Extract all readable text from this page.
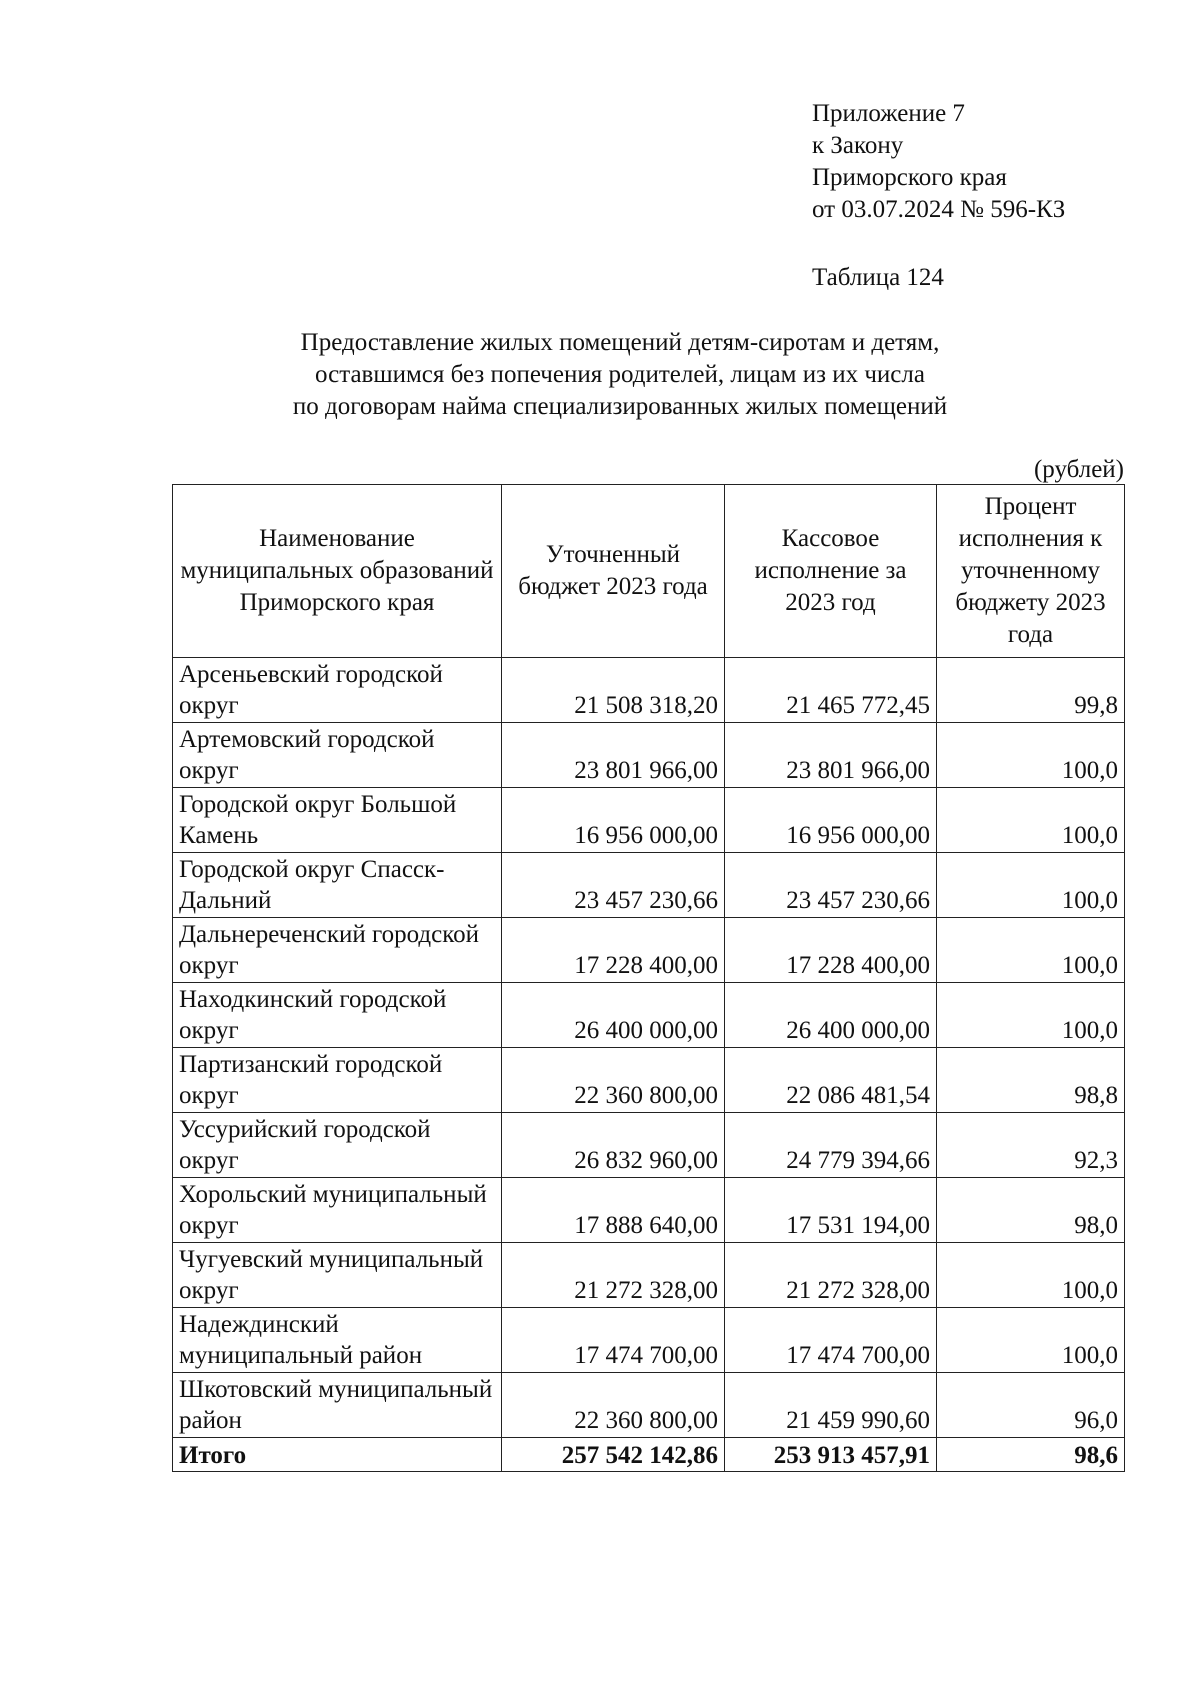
Приложение 7
к Закону
Приморского края
от 03.07.2024 № 596-КЗ
Таблица 124
Предоставление жилых помещений детям-сиротам и детям,
оставшимся без попечения родителей, лицам из их числа
по договорам найма специализированных жилых помещений
(рублей)
Наименование муниципальных образований Приморского края	Уточненный бюджет 2023 года	Кассовое исполнение за 2023 год	Процент исполнения к уточненному бюджету 2023 года
Арсеньевский городской округ	21 508 318,20	21 465 772,45	99,8
Артемовский городской округ	23 801 966,00	23 801 966,00	100,0
Городской округ Большой Камень	16 956 000,00	16 956 000,00	100,0
Городской округ Спасск-Дальний	23 457 230,66	23 457 230,66	100,0
Дальнереченский городской округ	17 228 400,00	17 228 400,00	100,0
Находкинский городской округ	26 400 000,00	26 400 000,00	100,0
Партизанский городской округ	22 360 800,00	22 086 481,54	98,8
Уссурийский городской округ	26 832 960,00	24 779 394,66	92,3
Хорольский муниципальный округ	17 888 640,00	17 531 194,00	98,0
Чугуевский муниципальный округ	21 272 328,00	21 272 328,00	100,0
Надеждинский муниципальный район	17 474 700,00	17 474 700,00	100,0
Шкотовский муниципальный район	22 360 800,00	21 459 990,60	96,0
Итого	257 542 142,86	253 913 457,91	98,6
